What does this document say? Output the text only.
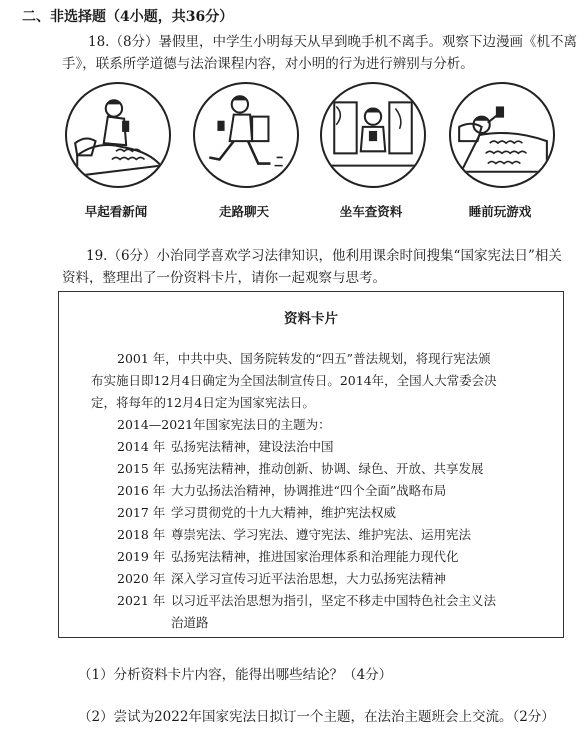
二、非选择题（4小题，共36分）
18.（8分）暑假里，中学生小明每天从早到晚手机不离手。观察下边漫画《机不离
手》，联系所学道德与法治课程内容，对小明的行为进行辨别与分析。
早起看新闻	走路聊天	坐车查资料	睡前玩游戏
19.（6分）小治同学喜欢学习法律知识，他利用课余时间搜集“国家宪法日”相关
资料，整理出了一份资料卡片，请你一起观察与思考。
资料卡片
2001 年，中共中央、国务院转发的“四五”普法规划，将现行宪法颁
布实施日即12月4日确定为全国法制宣传日。2014年，全国人大常委会决
定，将每年的12月4日定为国家宪法日。
2014—2021年国家宪法日的主题为：
2014 年 弘扬宪法精神，建设法治中国
2015 年 弘扬宪法精神，推动创新、协调、绿色、开放、共享发展
2016 年 大力弘扬法治精神，协调推进“四个全面”战略布局
2017 年 学习贯彻党的十九大精神，维护宪法权威
2018 年 尊崇宪法、学习宪法、遵守宪法、维护宪法、运用宪法
2019 年 弘扬宪法精神，推进国家治理体系和治理能力现代化
2020 年 深入学习宣传习近平法治思想，大力弘扬宪法精神
2021 年 以习近平法治思想为指引，坚定不移走中国特色社会主义法
治道路
（1）分析资料卡片内容，能得出哪些结论？（4分）
（2）尝试为2022年国家宪法日拟订一个主题，在法治主题班会上交流。（2分）
